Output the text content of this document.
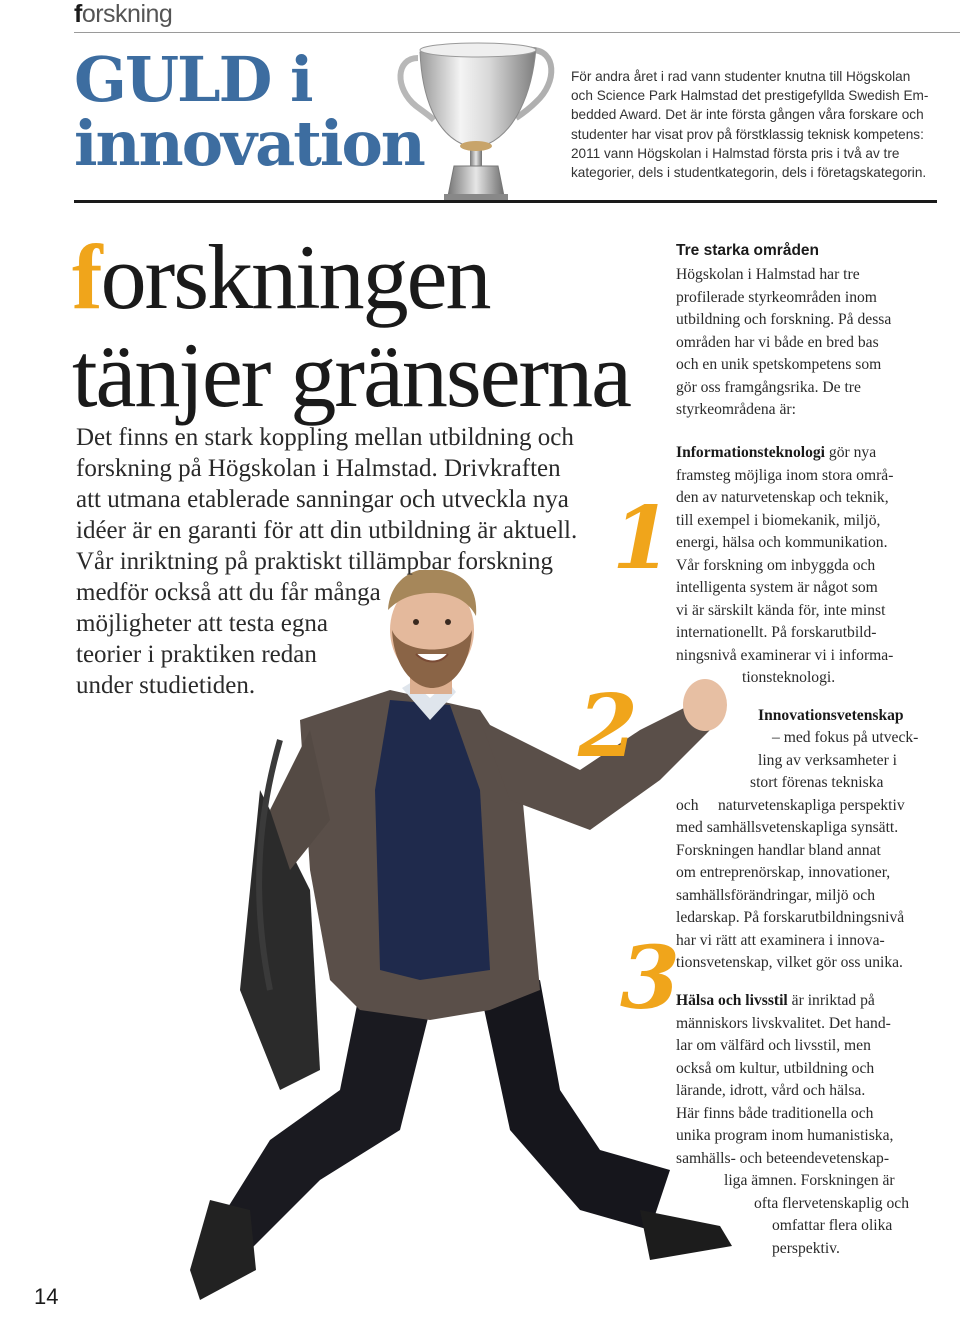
forskning
GULD i
innovation

För andra året i rad vann studenter knutna till Högskolan

och Science Park Halmstad det prestigefyllda Swedish Em-

bedded Award. Det är inte första gången våra forskare och

studenter har visat prov på förstklassig teknisk kompetens:

2011 vann Högskolan i Halmstad första pris i två av tre

kategorier, dels i studentkategorin, dels i företagskategorin.

forskningen
tänjer gränserna
Det finns en stark koppling mellan utbildning och
forskning på Högskolan i Halmstad. Drivkraften
att utmana etablerade sanningar och utveckla nya
idéer är en garanti för att din utbildning är aktuell.
Vår inriktning på praktiskt tillämpbar forskning
medför också att du får många
möjligheter att testa egna
teorier i praktiken redan
under studietiden.
1
2
3
Tre starka områden
Högskolan i Halmstad har tre
profilerade styrkeområden inom
utbildning och forskning. På dessa
områden har vi både en bred bas
och en unik spetskompetens som
gör oss framgångsrika. De tre
styrkeområdena är:
Informationsteknologi gör nya
framsteg möjliga inom stora områ-
den av naturvetenskap och teknik,
till exempel i biomekanik, miljö,
energi, hälsa och kommunikation.
Vår forskning om inbyggda och
intelligenta system är något som
vi är särskilt kända för, inte minst
internationellt. På forskarutbild-
ningsnivå examinerar vi i informa-
tionsteknologi.
Innovationsvetenskap
– med fokus på utveck-
ling av verksamheter i
stort förenas tekniska
och     naturvetenskapliga perspektiv
med samhällsvetenskapliga synsätt.
Forskningen handlar bland annat
om entreprenörskap, innovationer,
samhällsförändringar, miljö och
ledarskap. På forskarutbildningsnivå
har vi rätt att examinera i innova-
tionsvetenskap, vilket gör oss unika.
Hälsa och livsstil är inriktad på
människors livskvalitet. Det hand-
lar om välfärd och livsstil, men
också om kultur, utbildning och
lärande, idrott, vård och hälsa.
Här finns både traditionella och
unika program inom humanistiska,
samhälls- och beteendevetenskap-
liga ämnen. Forskningen är
ofta flervetenskaplig och
omfattar flera olika
perspektiv.
14
